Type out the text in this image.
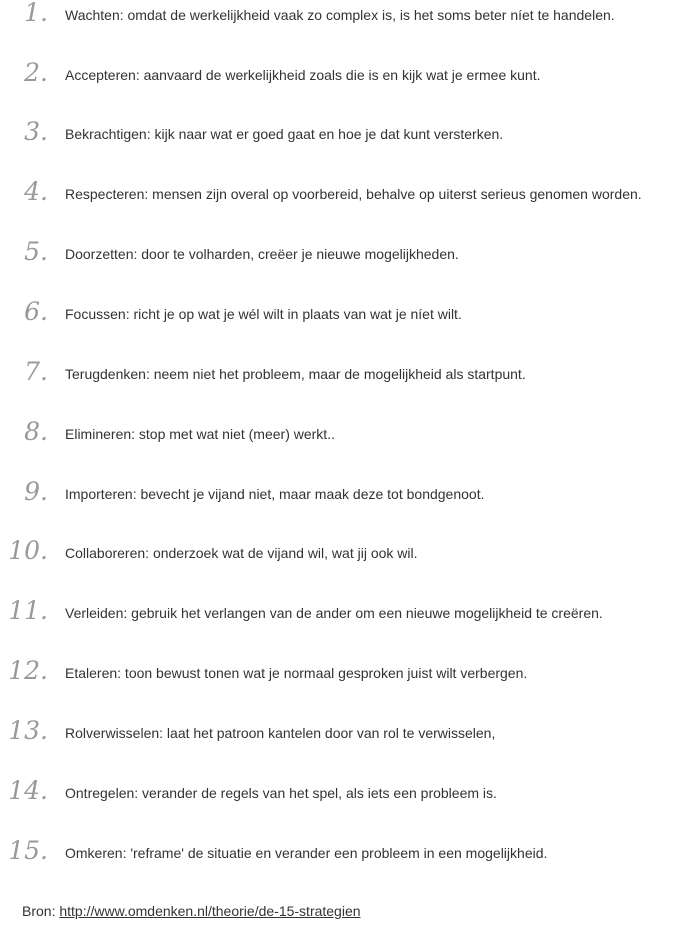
1. Wachten: omdat de werkelijkheid vaak zo complex is, is het soms beter níet te handelen.
2. Accepteren: aanvaard de werkelijkheid zoals die is en kijk wat je ermee kunt.
3. Bekrachtigen: kijk naar wat er goed gaat en hoe je dat kunt versterken.
4. Respecteren: mensen zijn overal op voorbereid, behalve op uiterst serieus genomen worden.
5. Doorzetten: door te volharden, creëer je nieuwe mogelijkheden.
6. Focussen: richt je op wat je wél wilt in plaats van wat je níet wilt.
7. Terugdenken: neem niet het probleem, maar de mogelijkheid als startpunt.
8. Elimineren: stop met wat niet (meer) werkt..
9. Importeren: bevecht je vijand niet, maar maak deze tot bondgenoot.
10. Collaboreren: onderzoek wat de vijand wil, wat jij ook wil.
11. Verleiden: gebruik het verlangen van de ander om een nieuwe mogelijkheid te creëren.
12. Etaleren: toon bewust tonen wat je normaal gesproken juist wilt verbergen.
13. Rolverwisselen: laat het patroon kantelen door van rol te verwisselen,
14. Ontregelen: verander de regels van het spel, als iets een probleem is.
15. Omkeren: 'reframe' de situatie en verander een probleem in een mogelijkheid.

Bron: http://www.omdenken.nl/theorie/de-15-strategien
